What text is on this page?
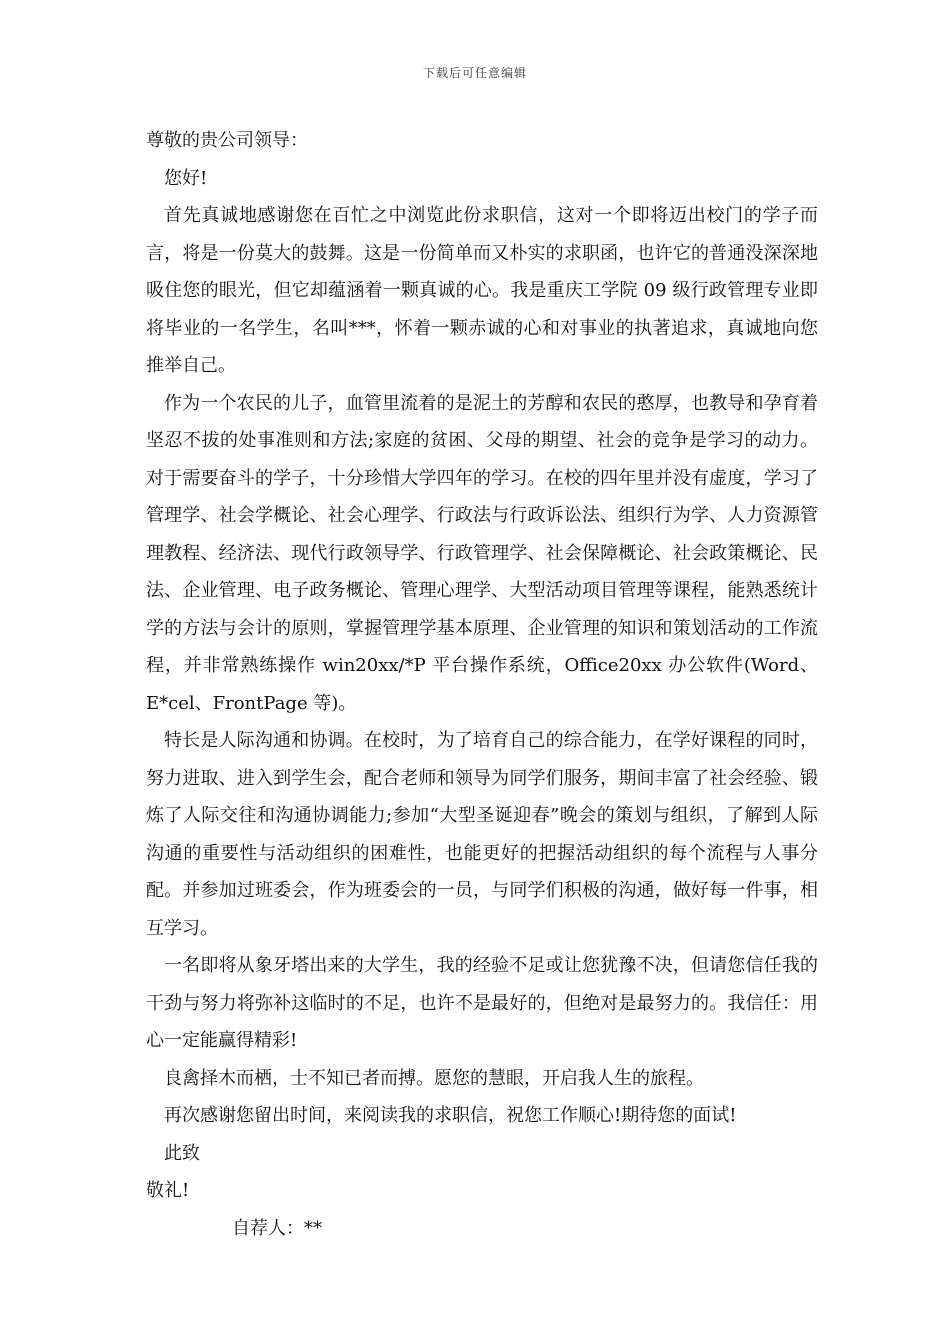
下载后可任意编辑

尊敬的贵公司领导：

您好!

首先真诚地感谢您在百忙之中浏览此份求职信，这对一个即将迈出校门的学子而言，将是一份莫大的鼓舞。这是一份简单而又朴实的求职函，也许它的普通没深深地吸住您的眼光，但它却蕴涵着一颗真诚的心。我是重庆工学院 09 级行政管理专业即将毕业的一名学生，名叫***，怀着一颗赤诚的心和对事业的执著追求，真诚地向您推举自己。

作为一个农民的儿子，血管里流着的是泥土的芳醇和农民的憨厚，也教导和孕育着坚忍不拔的处事准则和方法;家庭的贫困、父母的期望、社会的竞争是学习的动力。对于需要奋斗的学子，十分珍惜大学四年的学习。在校的四年里并没有虚度，学习了管理学、社会学概论、社会心理学、行政法与行政诉讼法、组织行为学、人力资源管理教程、经济法、现代行政领导学、行政管理学、社会保障概论、社会政策概论、民法、企业管理、电子政务概论、管理心理学、大型活动项目管理等课程，能熟悉统计学的方法与会计的原则，掌握管理学基本原理、企业管理的知识和策划活动的工作流程，并非常熟练操作 win20xx/*P 平台操作系统，Office20xx 办公软件(Word、E*cel、FrontPage 等)。

特长是人际沟通和协调。在校时，为了培育自己的综合能力，在学好课程的同时，努力进取、进入到学生会，配合老师和领导为同学们服务，期间丰富了社会经验、锻炼了人际交往和沟通协调能力;参加“大型圣诞迎春”晚会的策划与组织，了解到人际沟通的重要性与活动组织的困难性，也能更好的把握活动组织的每个流程与人事分配。并参加过班委会，作为班委会的一员，与同学们积极的沟通，做好每一件事，相互学习。

一名即将从象牙塔出来的大学生，我的经验不足或让您犹豫不决，但请您信任我的干劲与努力将弥补这临时的不足，也许不是最好的，但绝对是最努力的。我信任：用心一定能赢得精彩!

良禽择木而栖，士不知已者而搏。愿您的慧眼，开启我人生的旅程。

再次感谢您留出时间，来阅读我的求职信，祝您工作顺心!期待您的面试!

此致

敬礼!

自荐人：**
